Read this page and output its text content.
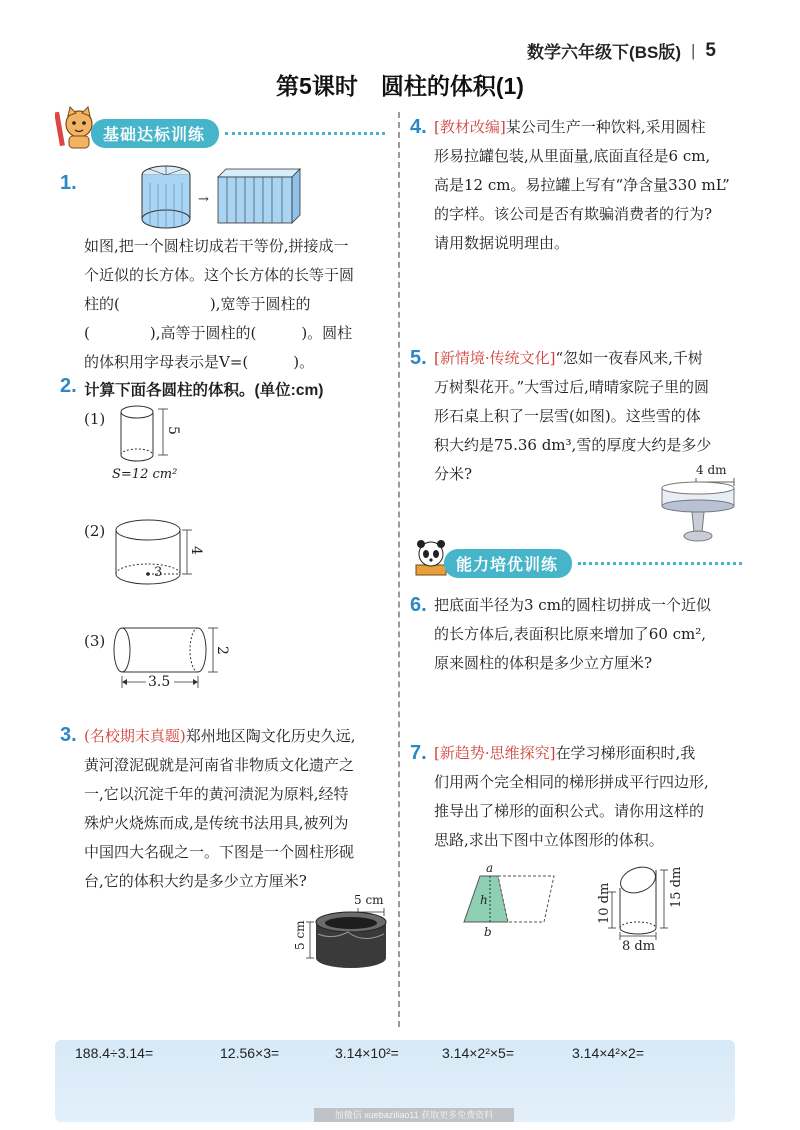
数学六年级下(BS版) | 5
第5课时　圆柱的体积(1)
基础达标训练
1.
→
如图,把一个圆柱切成若干等份,拼接成一
个近似的长方体。这个长方体的长等于圆
柱的(　　　　　　),宽等于圆柱的
(　　　　),高等于圆柱的(　　　)。圆柱
的体积用字母表示是V=(　　　)。
2. 计算下面各圆柱的体积。(单位:cm)
(1)
5
S=12 cm²
(2)
3
4
(3)
2
3.5
3. (名校期末真题)郑州地区陶文化历史久远,
黄河澄泥砚就是河南省非物质文化遗产之
一,它以沉淀千年的黄河渍泥为原料,经特
殊炉火烧炼而成,是传统书法用具,被列为
中国四大名砚之一。下图是一个圆柱形砚
台,它的体积大约是多少立方厘米?
5 cm
5 cm
4. [教材改编]某公司生产一种饮料,采用圆柱
形易拉罐包装,从里面量,底面直径是6 cm,
高是12 cm。易拉罐上写有“净含量330 mL”
的字样。该公司是否有欺骗消费者的行为?
请用数据说明理由。
5. [新情境·传统文化]“忽如一夜春风来,千树
万树梨花开。”大雪过后,晴晴家院子里的圆
形石桌上积了一层雪(如图)。这些雪的体
积大约是75.36 dm³,雪的厚度大约是多少
分米?	4 dm
能力培优训练
6. 把底面半径为3 cm的圆柱切拼成一个近似
的长方体后,表面积比原来增加了60 cm²,
原来圆柱的体积是多少立方厘米?
7. [新趋势·思维探究]在学习梯形面积时,我
们用两个完全相同的梯形拼成平行四边形,
推导出了梯形的面积公式。请你用这样的
思路,求出下图中立体图形的体积。
a
h
b
10 dm	15 dm
8 dm
188.4÷3.14=	12.56×3=	3.14×10²=	3.14×2²×5=	3.14×4²×2=
加微信 xuebaziliao11 获取更多免费资料
